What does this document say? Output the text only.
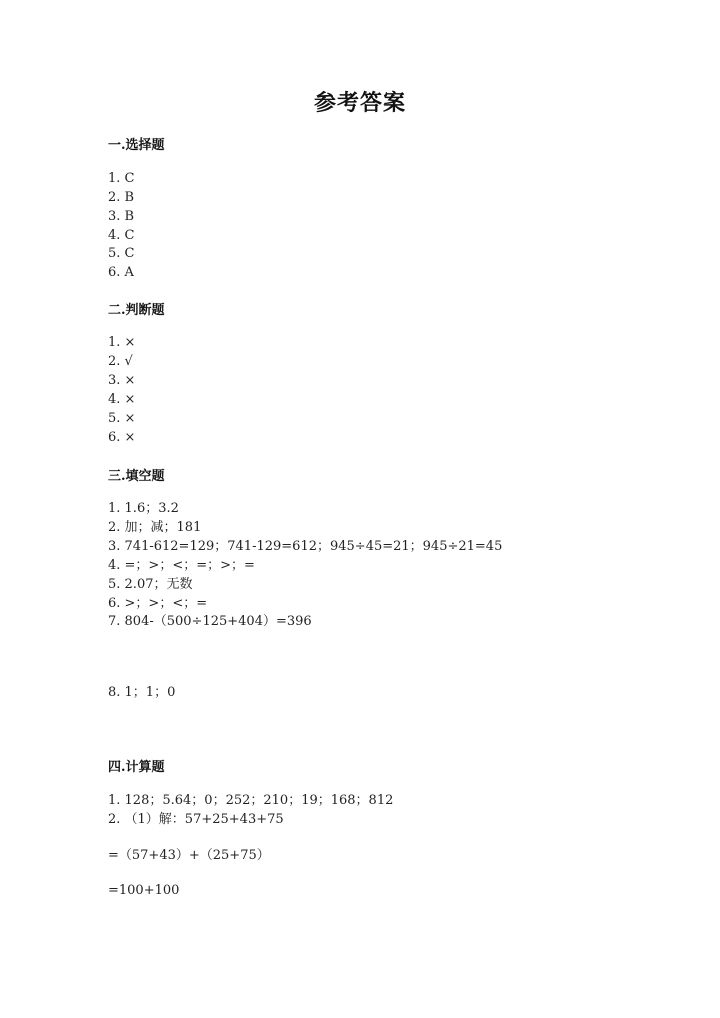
参考答案
一.选择题
1. C
2. B
3. B
4. C
5. C
6. A
二.判断题
1. ×
2. √
3. ×
4. ×
5. ×
6. ×
三.填空题
1. 1.6；3.2
2. 加；减；181
3. 741-612=129；741-129=612；945÷45=21；945÷21=45
4. =；>；<；=；>；=
5. 2.07；无数
6. >；>；<；=
7. 804-（500÷125+404）=396
8. 1；1；0
四.计算题
1. 128；5.64；0；252；210；19；168；812
2. （1）解：57+25+43+75
=（57+43）+（25+75）
=100+100
